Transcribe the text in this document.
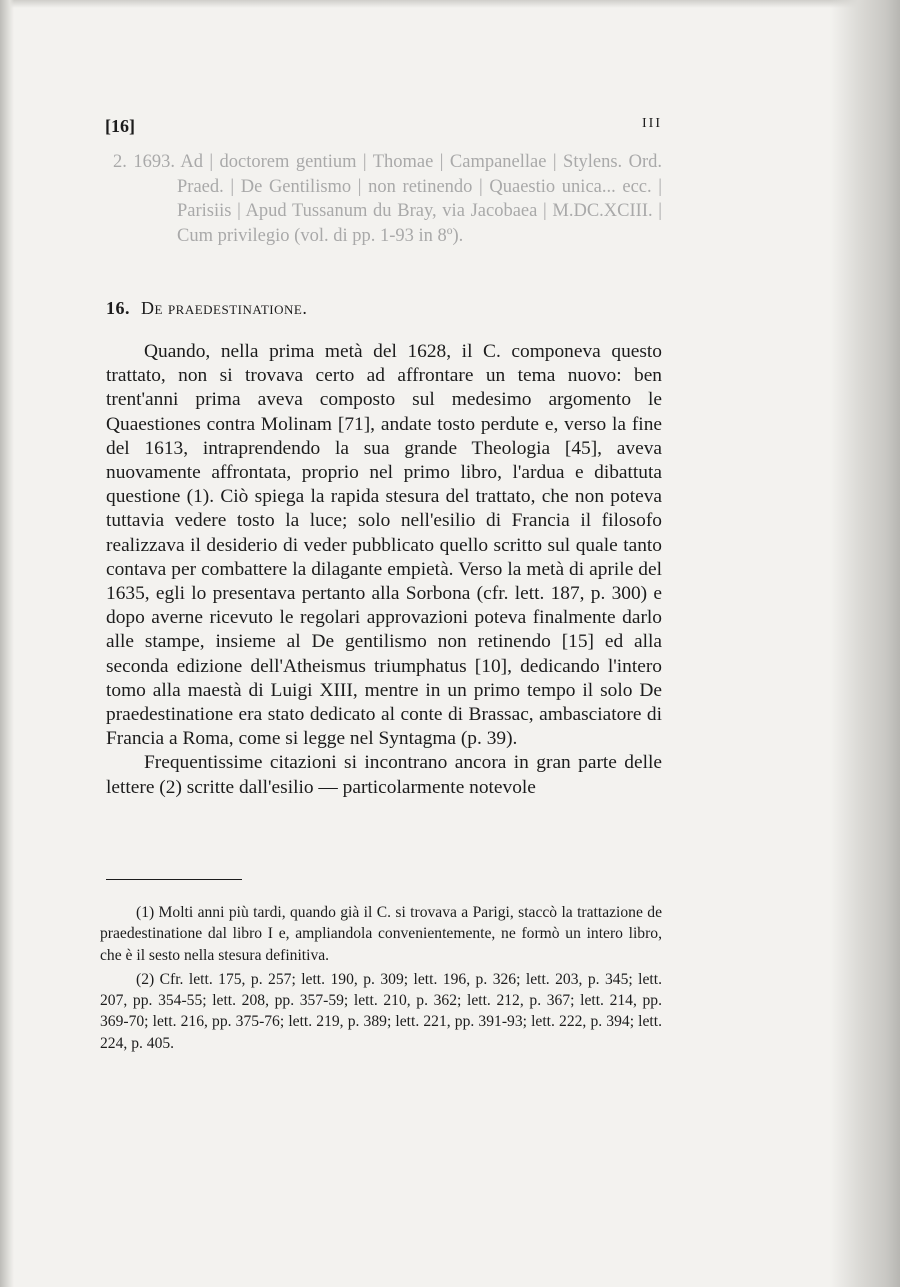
[16]	III
2. 1693. Ad | doctorem gentium | Thomae | Campanellae | Stylens. Ord. Praed. | De Gentilismo | non retinendo | Quaestio unica... ecc. | Parisiis | Apud Tussanum du Bray, via Jacobaea | M.DC.XCIII. | Cum privilegio (vol. di pp. 1-93 in 8º).
16. De praedestinatione.

Quando, nella prima metà del 1628, il C. componeva questo trattato, non si trovava certo ad affrontare un tema nuovo: ben trent'anni prima aveva composto sul medesimo argomento le Quaestiones contra Molinam [71], andate tosto perdute e, verso la fine del 1613, intraprendendo la sua grande Theologia [45], aveva nuovamente affrontata, proprio nel primo libro, l'ardua e dibattuta questione (1). Ciò spiega la rapida stesura del trattato, che non poteva tuttavia vedere tosto la luce; solo nell'esilio di Francia il filosofo realizzava il desiderio di veder pubblicato quello scritto sul quale tanto contava per combattere la dilagante empietà. Verso la metà di aprile del 1635, egli lo presentava pertanto alla Sorbona (cfr. lett. 187, p. 300) e dopo averne ricevuto le regolari approvazioni poteva finalmente darlo alle stampe, insieme al De gentilismo non retinendo [15] ed alla seconda edizione dell'Atheismus triumphatus [10], dedicando l'intero tomo alla maestà di Luigi XIII, mentre in un primo tempo il solo De praedestinatione era stato dedicato al conte di Brassac, ambasciatore di Francia a Roma, come si legge nel Syntagma (p. 39).

Frequentissime citazioni si incontrano ancora in gran parte delle lettere (2) scritte dall'esilio — particolarmente notevole

(1) Molti anni più tardi, quando già il C. si trovava a Parigi, staccò la trattazione de praedestinatione dal libro I e, ampliandola convenientemente, ne formò un intero libro, che è il sesto nella stesura definitiva.

(2) Cfr. lett. 175, p. 257; lett. 190, p. 309; lett. 196, p. 326; lett. 203, p. 345; lett. 207, pp. 354-55; lett. 208, pp. 357-59; lett. 210, p. 362; lett. 212, p. 367; lett. 214, pp. 369-70; lett. 216, pp. 375-76; lett. 219, p. 389; lett. 221, pp. 391-93; lett. 222, p. 394; lett. 224, p. 405.
